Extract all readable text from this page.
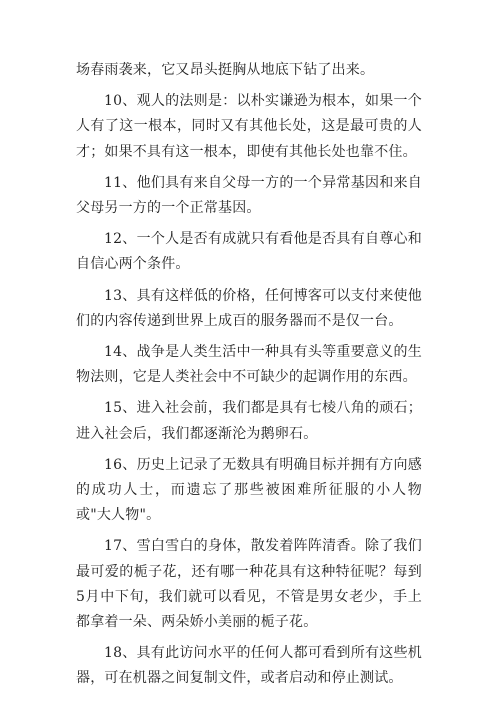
场春雨袭来，它又昂头挺胸从地底下钻了出来。

10、观人的法则是：以朴实谦逊为根本，如果一个人有了这一根本，同时又有其他长处，这是最可贵的人才；如果不具有这一根本，即使有其他长处也靠不住。

11、他们具有来自父母一方的一个异常基因和来自父母另一方的一个正常基因。

12、一个人是否有成就只有看他是否具有自尊心和自信心两个条件。

13、具有这样低的价格，任何博客可以支付来使他们的内容传递到世界上成百的服务器而不是仅一台。

14、战争是人类生活中一种具有头等重要意义的生物法则，它是人类社会中不可缺少的起调作用的东西。

15、进入社会前，我们都是具有七棱八角的顽石；进入社会后，我们都逐渐沦为鹅卵石。

16、历史上记录了无数具有明确目标并拥有方向感的成功人士，而遗忘了那些被困难所征服的小人物或"大人物"。

17、雪白雪白的身体，散发着阵阵清香。除了我们最可爱的栀子花，还有哪一种花具有这种特征呢？每到5月中下旬，我们就可以看见，不管是男女老少，手上都拿着一朵、两朵娇小美丽的栀子花。

18、具有此访问水平的任何人都可看到所有这些机器，可在机器之间复制文件，或者启动和停止测试。
